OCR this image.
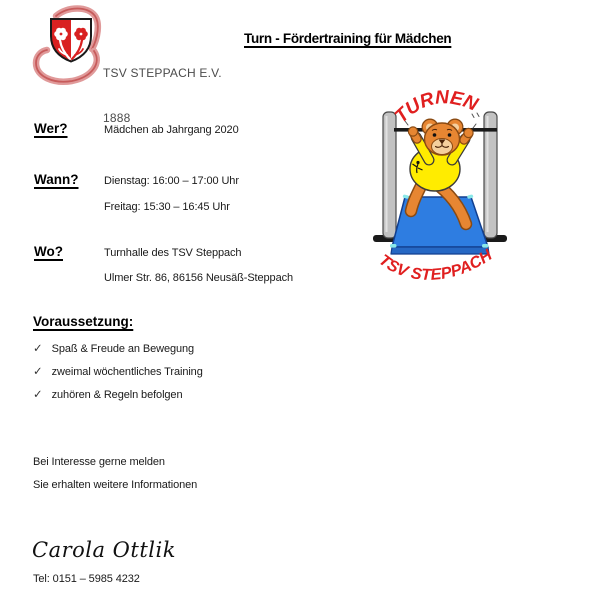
TSV STEPPACH E.V.

1888

Turn - Fördertraining für Mädchen
Wer?	Mädchen ab Jahrgang 2020
Wann? Dienstag: 16:00 – 17:00 Uhr
Freitag: 15:30 – 16:45 Uhr
Wo?	Turnhalle des TSV Steppach
Ulmer Str. 86, 86156 Neusäß-Steppach
TURNEN
TSV STEPPACH
Voraussetzung:
✓ Spaß & Freude an Bewegung
✓ zweimal wöchentliches Training
✓ zuhören & Regeln befolgen
Bei Interesse gerne melden
Sie erhalten weitere Informationen
Carola Ottlik
Tel: 0151 – 5985 4232
